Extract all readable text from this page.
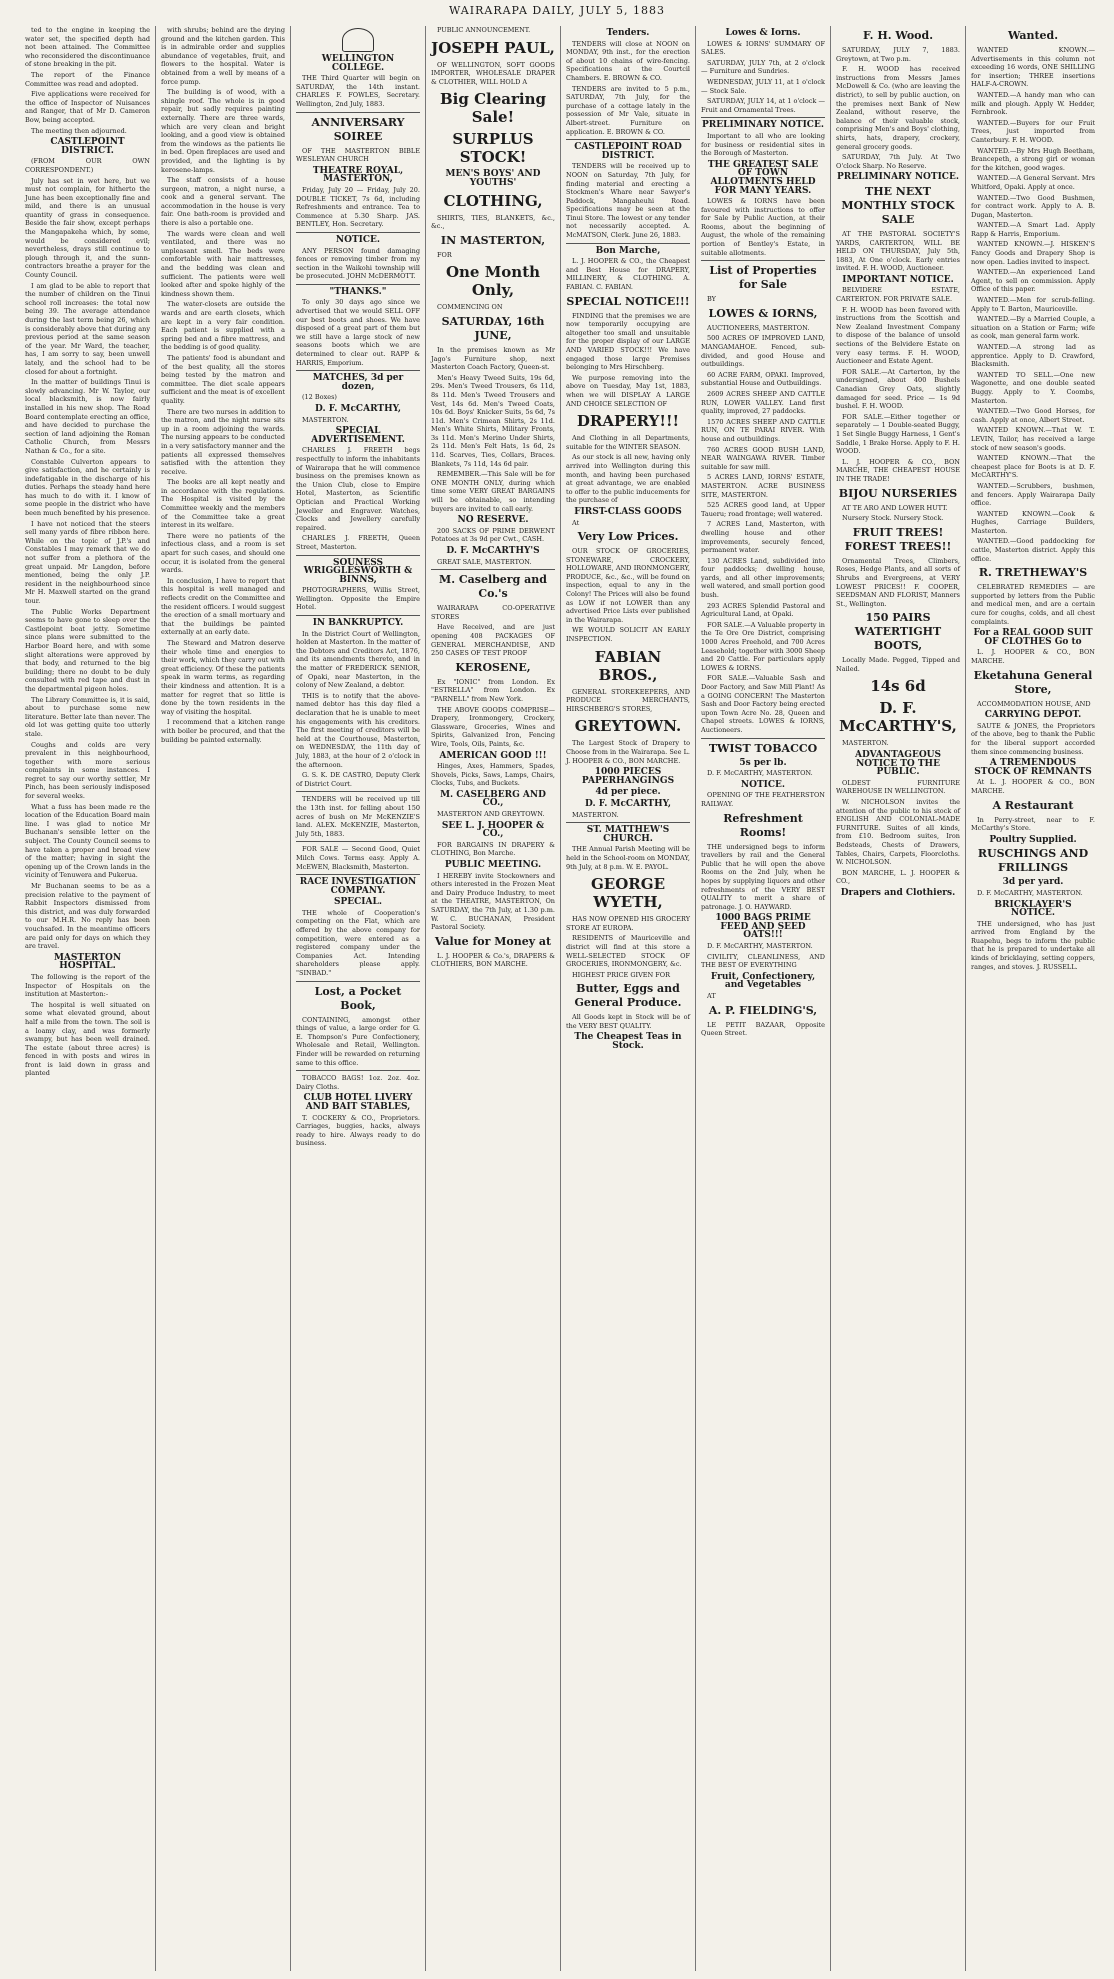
WAIRARAPA DAILY, JULY 5, 1883

ted to the engine in keeping the water set, the specified depth had not been attained. The Committee who reconsidered the discontinuance of stone breaking in the pit.

The report of the Finance Committee was read and adopted.

Five applications were received for the office of Inspector of Nuisances and Ranger, that of Mr D. Cameron Bow, being accepted.

The meeting then adjourned.

CASTLEPOINT DISTRICT.

(FROM OUR OWN CORRESPONDENT.)

July has set in wet here, but we must not complain, for hitherto the June has been exceptionally fine and mild, and there is an unusual quantity of grass in consequence. Beside the fair show, except perhaps the Mangapakeha which, by some, would be considered evil; nevertheless, drays still continue to plough through it, and the sunn-contractors breathe a prayer for the County Council.

I am glad to be able to report that the number of children on the Tinui school roll increases: the total now being 39. The average attendance during the last term being 26, which is considerably above that during any previous period at the same season of the year. Mr Ward, the teacher, has, I am sorry to say, been unwell lately, and the school had to be closed for about a fortnight.

In the matter of buildings Tinui is slowly advancing. Mr W. Taylor, our local blacksmith, is now fairly installed in his new shop. The Road Board contemplate erecting an office, and have decided to purchase the section of land adjoining the Roman Catholic Church, from Messrs Nathan & Co., for a site.

Constable Culverton appears to give satisfaction, and he certainly is indefatigable in the discharge of his duties. Perhaps the steady hand here has much to do with it. I know of some people in the district who have been much benefited by his presence.

I have not noticed that the steers sell many yards of fibre ribbon here. While on the topic of J.P.'s and Constables I may remark that we do not suffer from a plethora of the great unpaid. Mr Langdon, before mentioned, being the only J.P. resident in the neighbourhood since Mr H. Maxwell started on the grand tour.

The Public Works Department seems to have gone to sleep over the Castlepoint boat jetty. Sometime since plans were submitted to the Harbor Board here, and with some slight alterations were approved by that body, and returned to the big building; there no doubt to be duly consulted with red tape and dust in the departmental pigeon holes.

The Library Committee is, it is said, about to purchase some new literature. Better late than never. The old lot was getting quite too utterly stale.

Coughs and colds are very prevalent in this neighbourhood, together with more serious complaints in some instances. I regret to say our worthy settler, Mr Pinch, has been seriously indisposed for several weeks.

What a fuss has been made re the location of the Education Board main line. I was glad to notice Mr Buchanan's sensible letter on the subject. The County Council seems to have taken a proper and broad view of the matter; having in sight the opening up of the Crown lands in the vicinity of Tenuwera and Pukerua.

Mr Buchanan seems to be as a precision relative to the payment of Rabbit Inspectors dismissed from this district, and was duly forwarded to our M.H.R. No reply has been vouchsafed. In the meantime officers are paid only for days on which they are travel.

MASTERTON HOSPITAL.

The following is the report of the Inspector of Hospitals on the institution at Masterton:-

The hospital is well situated on some what elevated ground, about half a mile from the town. The soil is a loamy clay, and was formerly swampy, but has been well drained. The estate (about three acres) is fenced in with posts and wires in front is laid down in grass and planted

with shrubs; behind are the drying ground and the kitchen garden. This is in admirable order and supplies abundance of vegetables, fruit, and flowers to the hospital. Water is obtained from a well by means of a force pump.

The building is of wood, with a shingle roof. The whole is in good repair, but sadly requires painting externally. There are three wards, which are very clean and bright looking, and a good view is obtained from the windows as the patients lie in bed. Open fireplaces are used and provided, and the lighting is by kerosene-lamps.

The staff consists of a house surgeon, matron, a night nurse, a cook and a general servant. The accommodation in the house is very fair. One bath-room is provided and there is also a portable one.

The wards were clean and well ventilated, and there was no unpleasant smell. The beds were comfortable with hair mattresses, and the bedding was clean and sufficient. The patients were well looked after and spoke highly of the kindness shown them.

The water-closets are outside the wards and are earth closets, which are kept in a very fair condition. Each patient is supplied with a spring bed and a fibre mattress, and the bedding is of good quality.

The patients' food is abundant and of the best quality, all the stores being tested by the matron and committee. The diet scale appears sufficient and the meat is of excellent quality.

There are two nurses in addition to the matron, and the night nurse sits up in a room adjoining the wards. The nursing appears to be conducted in a very satisfactory manner and the patients all expressed themselves satisfied with the attention they receive.

The books are all kept neatly and in accordance with the regulations. The Hospital is visited by the Committee weekly and the members of the Committee take a great interest in its welfare.

There were no patients of the infectious class, and a room is set apart for such cases, and should one occur, it is isolated from the general wards.

In conclusion, I have to report that this hospital is well managed and reflects credit on the Committee and the resident officers. I would suggest the erection of a small mortuary and that the buildings be painted externally at an early date.

The Steward and Matron deserve their whole time and energies to their work, which they carry out with great efficiency. Of these the patients speak in warm terms, as regarding their kindness and attention. It is a matter for regret that so little is done by the town residents in the way of visiting the hospital.

I recommend that a kitchen range with boiler be procured, and that the building be painted externally.

WELLINGTON COLLEGE.

THE Third Quarter will begin on SATURDAY, the 14th instant. CHARLES F. FOWLES, Secretary. Wellington, 2nd July, 1883.

ANNIVERSARY SOIREE

OF THE MASTERTON BIBLE WESLEYAN CHURCH

THEATRE ROYAL, MASTERTON,

Friday, July 20 — Friday, July 20. DOUBLE TICKET, 7s 6d, including Refreshments and entrance. Tea to Commence at 5.30 Sharp. JAS. BENTLEY, Hon. Secretary.

NOTICE.

ANY PERSON found damaging fences or removing timber from my section in the Waikohi township will be prosecuted. JOHN McDERMOTT.

"THANKS."

To only 30 days ago since we advertised that we would SELL OFF our best boots and shoes. We have disposed of a great part of them but we still have a large stock of new seasons boots which we are determined to clear out. RAPP & HARRIS, Emporium.

MATCHES, 3d per dozen,

(12 Boxes)

D. F. McCARTHY,

MASTERTON.

SPECIAL ADVERTISEMENT.

CHARLES J. FREETH begs respectfully to inform the inhabitants of Wairarapa that he will commence business on the premises known as the Union Club, close to Empire Hotel, Masterton, as Scientific Optician and Practical Working Jeweller and Engraver. Watches, Clocks and Jewellery carefully repaired.

CHARLES J. FREETH, Queen Street, Masterton.

SOUNESS WRIGGLESWORTH & BINNS,

PHOTOGRAPHERS, Willis Street, Wellington. Opposite the Empire Hotel.

IN BANKRUPTCY.

In the District Court of Wellington, holden at Masterton. In the matter of the Debtors and Creditors Act, 1876, and its amendments thereto, and in the matter of FREDERICK SENIOR, of Opaki, near Masterton, in the colony of New Zealand, a debtor.

THIS is to notify that the above-named debtor has this day filed a declaration that he is unable to meet his engagements with his creditors. The first meeting of creditors will be held at the Courthouse, Masterton, on WEDNESDAY, the 11th day of July, 1883, at the hour of 2 o'clock in the afternoon.

G. S. K. DE CASTRO, Deputy Clerk of District Court.

TENDERS will be received up till the 13th inst. for felling about 150 acres of bush on Mr McKENZIE'S land. ALEX. McKENZIE, Masterton, July 5th, 1883.

FOR SALE — Second Good, Quiet Milch Cows. Terms easy. Apply A. McEWEN, Blacksmith, Masterton.

RACE INVESTIGATION COMPANY.
SPECIAL.

THE whole of Cooperation's competing on the Flat, which are offered by the above company for competition, were entered as a registered company under the Companies Act. Intending shareholders please apply. "SINBAD."

Lost, a Pocket Book,

CONTAINING, amongst other things of value, a large order for G. E. Thompson's Pure Confectionery, Wholesale and Retail, Wellington. Finder will be rewarded on returning same to this office.

TOBACCO BAGS! 1oz. 2oz. 4oz. Dairy Cloths.

CLUB HOTEL LIVERY AND BAIT STABLES,

T. COCKERY & CO., Proprietors. Carriages, buggies, hacks, always ready to hire. Always ready to do business.

PUBLIC ANNOUNCEMENT.

JOSEPH PAUL,

OF WELLINGTON, SOFT GOODS IMPORTER, WHOLESALE DRAPER & CLOTHIER, WILL HOLD A

Big Clearing Sale!
SURPLUS STOCK!
MEN'S BOYS' AND YOUTHS'
CLOTHING,

SHIRTS, TIES, BLANKETS, &c., &c.,

IN MASTERTON,

FOR

One Month Only,

COMMENCING ON

SATURDAY, 16th JUNE,

In the premises known as Mr Jago's Furniture shop, next Masterton Coach Factory, Queen-st.

Men's Heavy Tweed Suits, 19s 6d, 29s. Men's Tweed Trousers, 6s 11d, 8s 11d. Men's Tweed Trousers and Vest, 14s 6d. Men's Tweed Coats, 10s 6d. Boys' Knicker Suits, 5s 6d, 7s 11d. Men's Crimean Shirts, 2s 11d. Men's White Shirts, Military Fronts, 3s 11d. Men's Merino Under Shirts, 2s 11d. Men's Felt Hats, 1s 6d, 2s 11d. Scarves, Ties, Collars, Braces. Blankets, 7s 11d, 14s 6d pair.

REMEMBER.—This Sale will be for ONE MONTH ONLY, during which time some VERY GREAT BARGAINS will be obtainable, so intending buyers are invited to call early.

NO RESERVE.

200 SACKS OF PRIME DERWENT Potatoes at 3s 9d per Cwt., CASH.

D. F. McCARTHY'S

GREAT SALE, MASTERTON.

M. Caselberg and Co.'s

WAIRARAPA CO-OPERATIVE STORES

Have Received, and are just opening 408 PACKAGES OF GENERAL MERCHANDISE, AND 250 CASES OF TEST PROOF

KEROSENE,

Ex "IONIC" from London. Ex "ESTRELLA" from London. Ex "PARNELL" from New York.

THE ABOVE GOODS COMPRISE— Drapery, Ironmongery, Crockery, Glassware, Groceries, Wines and Spirits, Galvanized Iron, Fencing Wire, Tools, Oils, Paints, &c.

AMERICAN GOOD !!!

Hinges, Axes, Hammers, Spades, Shovels, Picks, Saws, Lamps, Chairs, Clocks, Tubs, and Buckets.

M. CASELBERG AND CO.,

MASTERTON AND GREYTOWN.

SEE L. J. HOOPER & CO.,

FOR BARGAINS IN DRAPERY & CLOTHING, Bon Marche.

PUBLIC MEETING.

I HEREBY invite Stockowners and others interested in the Frozen Meat and Dairy Produce Industry, to meet at the THEATRE, MASTERTON, On SATURDAY, the 7th July, at 1.30 p.m. W. C. BUCHANAN, President Pastoral Society.

Value for Money at

L. J. HOOPER & Co.'s, DRAPERS & CLOTHIERS, BON MARCHE.

Tenders.

TENDERS will close at NOON on MONDAY, 9th inst., for the erection of about 10 chains of wire-fencing. Specifications at the Courtcil Chambers. E. BROWN & CO.

TENDERS are invited to 5 p.m., SATURDAY, 7th July, for the purchase of a cottage lately in the possession of Mr Vale, situate in Albert-street. Furniture on application. E. BROWN & CO.

CASTLEPOINT ROAD DISTRICT.

TENDERS will be received up to NOON on Saturday, 7th July, for finding material and erecting a Stockmen's Whare near Sawyer's Paddock, Mangaheuhi Road. Specifications may be seen at the Tinui Store. The lowest or any tender not necessarily accepted. A. McMATSON, Clerk. June 26, 1883.

Bon Marche,

L. J. HOOPER & CO., the Cheapest and Best House for DRAPERY, MILLINERY, & CLOTHING. A. FABIAN. C. FABIAN.

SPECIAL NOTICE!!!

FINDING that the premises we are now temporarily occupying are altogether too small and unsuitable for the proper display of our LARGE AND VARIED STOCK!!! We have engaged those large Premises belonging to Mrs Hirschberg.

We purpose removing into the above on Tuesday, May 1st, 1883, when we will DISPLAY A LARGE AND CHOICE SELECTION OF

DRAPERY!!!

And Clothing in all Departments, suitable for the WINTER SEASON.

As our stock is all new, having only arrived into Wellington during this month, and having been purchased at great advantage, we are enabled to offer to the public inducements for the purchase of

FIRST-CLASS GOODS

At

Very Low Prices.

OUR STOCK OF GROCERIES, STONEWARE, CROCKERY, HOLLOWARE, AND IRONMONGERY, PRODUCE, &c., &c., will be found on inspection, equal to any in the Colony! The Prices will also be found as LOW if not LOWER than any advertised Price Lists ever published in the Wairarapa.

WE WOULD SOLICIT AN EARLY INSPECTION.

FABIAN BROS.,

GENERAL STOREKEEPERS, AND PRODUCE MERCHANTS, HIRSCHBERG'S STORES,

GREYTOWN.

The Largest Stock of Drapery to Choose from in the Wairarapa. See L. J. HOOPER & CO., BON MARCHE.

1000 PIECES PAPERHANGINGS
4d per piece.
D. F. McCARTHY,

MASTERTON.

ST. MATTHEW'S CHURCH.

THE Annual Parish Meeting will be held in the School-room on MONDAY, 9th July, at 8 p.m. W. E. PAYOL.

GEORGE WYETH,

HAS NOW OPENED HIS GROCERY STORE AT EUROPA.

RESIDENTS of Mauriceville and district will find at this store a WELL-SELECTED STOCK OF GROCERIES, IRONMONGERY, &c.

HIGHEST PRICE GIVEN FOR

Butter, Eggs and General Produce.

All Goods kept in Stock will be of the VERY BEST QUALITY.

The Cheapest Teas in Stock.
Lowes & Iorns.

LOWES & IORNS' SUMMARY OF SALES.

SATURDAY, JULY 7th, at 2 o'clock — Furniture and Sundries.

WEDNESDAY, JULY 11, at 1 o'clock — Stock Sale.

SATURDAY, JULY 14, at 1 o'clock — Fruit and Ornamental Trees.

PRELIMINARY NOTICE.

Important to all who are looking for business or residential sites in the Borough of Masterton.

THE GREATEST SALE OF TOWN ALLOTMENTS HELD FOR MANY YEARS.

LOWES & IORNS have been favoured with instructions to offer for Sale by Public Auction, at their Rooms, about the beginning of August, the whole of the remaining portion of Bentley's Estate, in suitable allotments.

List of Properties for Sale

BY

LOWES & IORNS,

AUCTIONEERS, MASTERTON.

500 ACRES OF IMPROVED LAND, MANGAMAHOE. Fenced, sub-divided, and good House and outbuildings.

60 ACRE FARM, OPAKI. Improved, substantial House and Outbuildings.

2609 ACRES SHEEP AND CATTLE RUN, LOWER VALLEY. Land first quality, improved, 27 paddocks.

1570 ACRES SHEEP AND CATTLE RUN, ON TE PARAI RIVER. With house and outbuildings.

760 ACRES GOOD BUSH LAND, NEAR WAINGAWA RIVER. Timber suitable for saw mill.

5 ACRES LAND, IORNS' ESTATE, MASTERTON. ACRE BUSINESS SITE, MASTERTON.

525 ACRES good land, at Upper Taueru; road frontage; well watered.

7 ACRES Land, Masterton, with dwelling house and other improvements, securely fenced, permanent water.

130 ACRES Land, subdivided into four paddocks; dwelling house, yards, and all other improvements; well watered, and small portion good bush.

293 ACRES Splendid Pastoral and Agricultural Land, at Opaki.

FOR SALE.—A Valuable property in the Te Ore Ore District, comprising 1000 Acres Freehold, and 700 Acres Leasehold; together with 3000 Sheep and 20 Cattle. For particulars apply LOWES & IORNS.

FOR SALE.—Valuable Sash and Door Factory, and Saw Mill Plant! As a GOING CONCERN! The Masterton Sash and Door Factory being erected upon Town Acre No. 28, Queen and Chapel streets. LOWES & IORNS, Auctioneers.

TWIST TOBACCO
5s per lb.

D. F. McCARTHY, MASTERTON.

NOTICE.

OPENING OF THE FEATHERSTON RAILWAY.

Refreshment Rooms!

THE undersigned begs to inform travellers by rail and the General Public that he will open the above Rooms on the 2nd July, when he hopes by supplying liquors and other refreshments of the VERY BEST QUALITY to merit a share of patronage. J. O. HAYWARD.

1000 BAGS PRIME FEED AND SEED OATS!!!

D. F. McCARTHY, MASTERTON.

CIVILITY, CLEANLINESS, AND THE BEST OF EVERYTHING

Fruit, Confectionery, and Vegetables

AT

A. P. FIELDING'S,

LE PETIT BAZAAR, Opposite Queen Street.

F. H. Wood.

SATURDAY, JULY 7, 1883. Greytown, at Two p.m.

F. H. WOOD has received instructions from Messrs James McDowell & Co. (who are leaving the district), to sell by public auction, on the premises next Bank of New Zealand, without reserve, the balance of their valuable stock, comprising Men's and Boys' clothing, shirts, hats, drapery, crockery, general grocery goods.

SATURDAY, 7th July. At Two O'clock Sharp. No Reserve.

PRELIMINARY NOTICE.
THE NEXT MONTHLY STOCK SALE

AT THE PASTORAL SOCIETY'S YARDS, CARTERTON, WILL BE HELD ON THURSDAY, July 5th, 1883, At One o'clock. Early entries invited. F. H. WOOD, Auctioneer.

IMPORTANT NOTICE.

BELVIDERE ESTATE, CARTERTON. FOR PRIVATE SALE.

F. H. WOOD has been favored with instructions from the Scottish and New Zealand Investment Company to dispose of the balance of unsold sections of the Belvidere Estate on very easy terms. F. H. WOOD, Auctioneer and Estate Agent.

FOR SALE.—At Carterton, by the undersigned, about 400 Bushels Canadian Grey Oats, slightly damaged for seed. Price — 1s 9d bushel. F. H. WOOD.

FOR SALE.—Either together or separately — 1 Double-seated Buggy, 1 Set Single Buggy Harness, 1 Gent's Saddle, 1 Brake Horse. Apply to F. H. WOOD.

L. J. HOOPER & CO., BON MARCHE, THE CHEAPEST HOUSE IN THE TRADE!

BIJOU NURSERIES

AT TE ARO AND LOWER HUTT.

Nursery Stock. Nursery Stock.

FRUIT TREES! FOREST TREES!!

Ornamental Trees, Climbers, Roses, Hedge Plants, and all sorts of Shrubs and Evergreens, at VERY LOWEST PRICES!! F. COOPER, SEEDSMAN AND FLORIST, Manners St., Wellington.

150 PAIRS WATERTIGHT BOOTS,

Locally Made. Pegged, Tipped and Nailed.

14s 6d
D. F. McCARTHY'S,

MASTERTON.

ADVANTAGEOUS NOTICE TO THE PUBLIC.

OLDEST FURNITURE WAREHOUSE IN WELLINGTON.

W. NICHOLSON invites the attention of the public to his stock of ENGLISH AND COLONIAL-MADE FURNITURE. Suites of all kinds, from £10. Bedroom suites, Iron Bedsteads, Chests of Drawers, Tables, Chairs, Carpets, Floorcloths. W. NICHOLSON.

BON MARCHE, L. J. HOOPER & CO.,

Drapers and Clothiers.
Wanted.

WANTED KNOWN.—Advertisements in this column not exceeding 16 words, ONE SHILLING for insertion; THREE insertions HALF-A-CROWN.

WANTED.—A handy man who can milk and plough. Apply W. Hedder, Fernbrook.

WANTED.—Buyers for our Fruit Trees, just imported from Canterbury. F. H. WOOD.

WANTED.—By Mrs Hugh Beetham, Brancepeth, a strong girl or woman for the kitchen, good wages.

WANTED.—A General Servant. Mrs Whitford, Opaki. Apply at once.

WANTED.—Two Good Bushmen, for contract work. Apply to A. B. Dugan, Masterton.

WANTED.—A Smart Lad. Apply Rapp & Harris, Emporium.

WANTED KNOWN.—J. HISKEN'S Fancy Goods and Drapery Shop is now open. Ladies invited to inspect.

WANTED.—An experienced Land Agent, to sell on commission. Apply Office of this paper.

WANTED.—Men for scrub-felling. Apply to T. Barton, Mauriceville.

WANTED.—By a Married Couple, a situation on a Station or Farm; wife as cook, man general farm work.

WANTED.—A strong lad as apprentice. Apply to D. Crawford, Blacksmith.

WANTED TO SELL.—One new Wagonette, and one double seated Buggy. Apply to Y. Coombs, Masterton.

WANTED.—Two Good Horses, for cash. Apply at once, Albert Street.

WANTED KNOWN.—That W. T. LEVIN, Tailor, has received a large stock of new season's goods.

WANTED KNOWN.—That the cheapest place for Boots is at D. F. McCARTHY'S.

WANTED.—Scrubbers, bushmen, and fencers. Apply Wairarapa Daily office.

WANTED KNOWN.—Cook & Hughes, Carriage Builders, Masterton.

WANTED.—Good paddocking for cattle, Masterton district. Apply this office.

R. TRETHEWAY'S

CELEBRATED REMEDIES — are supported by letters from the Public and medical men, and are a certain cure for coughs, colds, and all chest complaints.

For a REAL GOOD SUIT OF CLOTHES Go to

L. J. HOOPER & CO., BON MARCHE.

Eketahuna General Store,

ACCOMMODATION HOUSE, AND

CARRYING DEPOT.

SAUTE & JONES, the Proprietors of the above, beg to thank the Public for the liberal support accorded them since commencing business.

A TREMENDOUS STOCK OF REMNANTS

At L. J. HOOPER & CO., BON MARCHE.

A Restaurant

In Perry-street, near to F. McCarthy's Store.

Poultry Supplied.
RUSCHINGS AND FRILLINGS
3d per yard.

D. F. McCARTHY, MASTERTON.

BRICKLAYER'S NOTICE.

THE undersigned, who has just arrived from England by the Ruapehu, begs to inform the public that he is prepared to undertake all kinds of bricklaying, setting coppers, ranges, and stoves. J. RUSSELL.
